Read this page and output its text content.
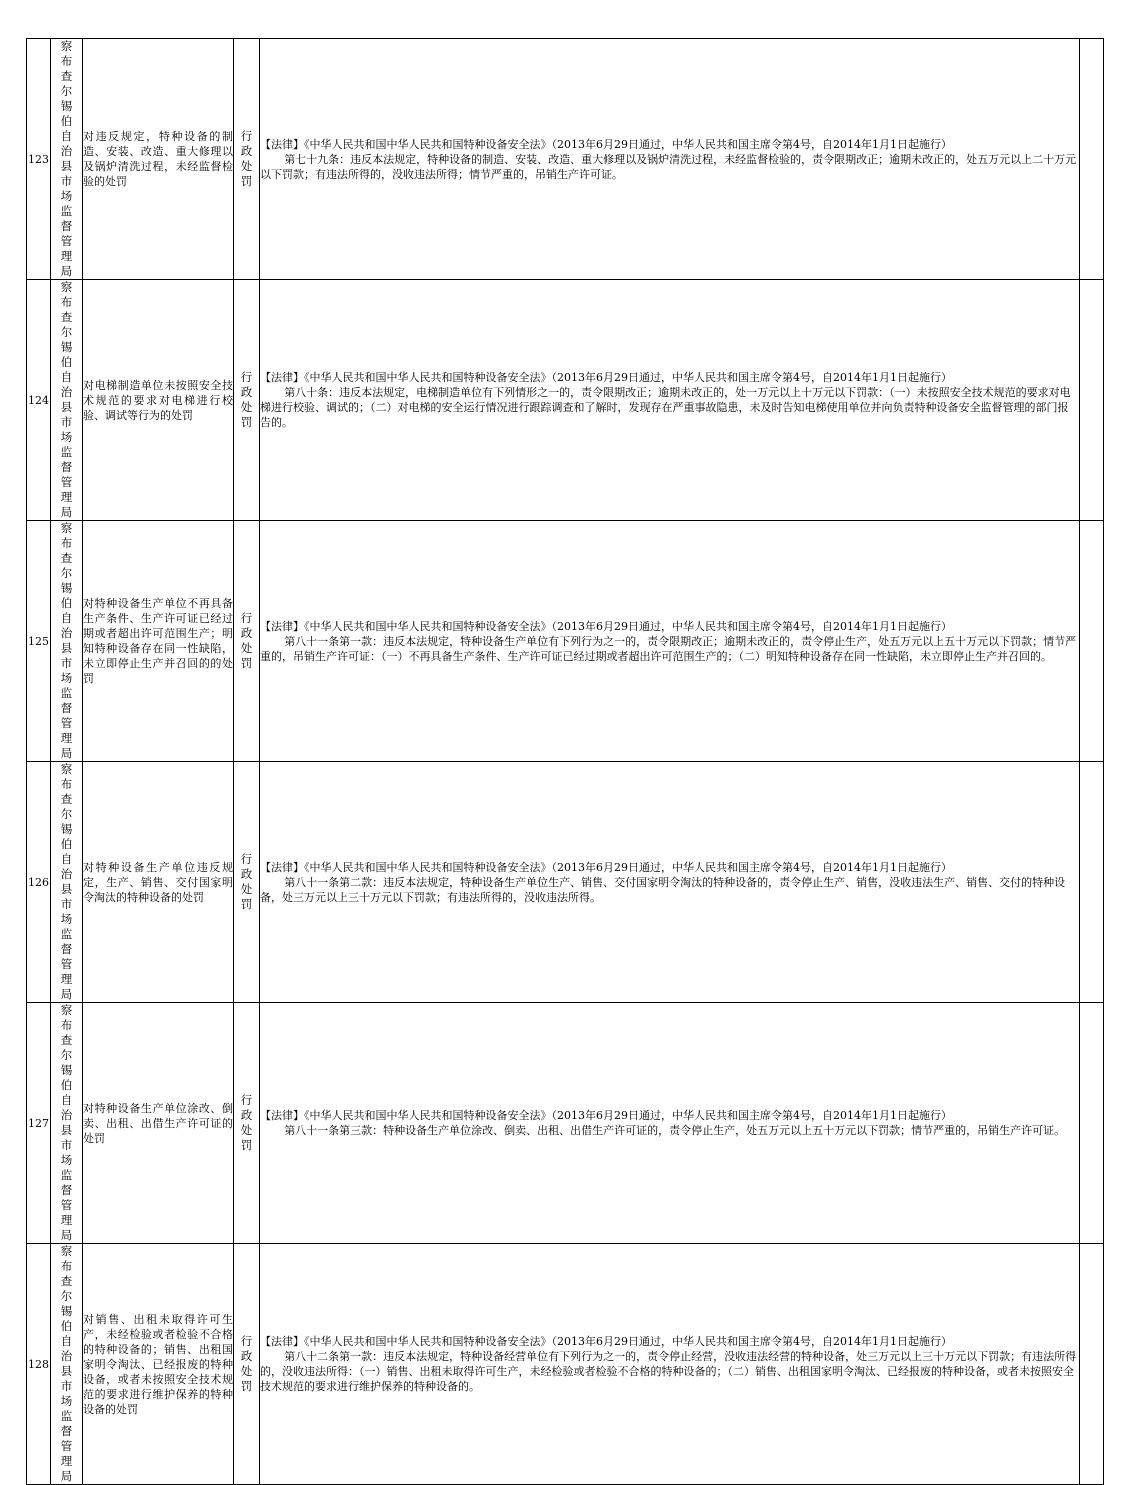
123	察布查尔锡伯自治县市场监督管理局	对违反规定，特种设备的制造、安装、改造、重大修理以及锅炉清洗过程，未经监督检验的处罚	行政处罚	【法律】《中华人民共和国中华人民共和国特种设备安全法》（2013年6月29日通过，中华人民共和国主席令第4号，自2014年1月1日起施行）
第七十九条：违反本法规定，特种设备的制造、安装、改造、重大修理以及锅炉清洗过程，未经监督检验的，责令限期改正；逾期未改正的，处五万元以上二十万元以下罚款；有违法所得的，没收违法所得；情节严重的，吊销生产许可证。	

124	察布查尔锡伯自治县市场监督管理局	对电梯制造单位未按照安全技术规范的要求对电梯进行校验、调试等行为的处罚	行政处罚	【法律】《中华人民共和国中华人民共和国特种设备安全法》（2013年6月29日通过，中华人民共和国主席令第4号，自2014年1月1日起施行）
第八十条：违反本法规定，电梯制造单位有下列情形之一的，责令限期改正；逾期未改正的，处一万元以上十万元以下罚款：（一）未按照安全技术规范的要求对电梯进行校验、调试的；（二）对电梯的安全运行情况进行跟踪调查和了解时，发现存在严重事故隐患，未及时告知电梯使用单位并向负责特种设备安全监督管理的部门报告的。	

125	察布查尔锡伯自治县市场监督管理局	对特种设备生产单位不再具备生产条件、生产许可证已经过期或者超出许可范围生产；明知特种设备存在同一性缺陷，未立即停止生产并召回的的处罚	行政处罚	【法律】《中华人民共和国中华人民共和国特种设备安全法》（2013年6月29日通过，中华人民共和国主席令第4号，自2014年1月1日起施行）
第八十一条第一款：违反本法规定，特种设备生产单位有下列行为之一的，责令限期改正；逾期未改正的，责令停止生产，处五万元以上五十万元以下罚款；情节严重的，吊销生产许可证：（一）不再具备生产条件、生产许可证已经过期或者超出许可范围生产的；（二）明知特种设备存在同一性缺陷，未立即停止生产并召回的。	

126	察布查尔锡伯自治县市场监督管理局	对特种设备生产单位违反规定，生产、销售、交付国家明令淘汰的特种设备的处罚	行政处罚	【法律】《中华人民共和国中华人民共和国特种设备安全法》（2013年6月29日通过，中华人民共和国主席令第4号，自2014年1月1日起施行）
第八十一条第二款：违反本法规定，特种设备生产单位生产、销售、交付国家明令淘汰的特种设备的，责令停止生产、销售，没收违法生产、销售、交付的特种设备，处三万元以上三十万元以下罚款；有违法所得的，没收违法所得。	

127	察布查尔锡伯自治县市场监督管理局	对特种设备生产单位涂改、倒卖、出租、出借生产许可证的处罚	行政处罚	【法律】《中华人民共和国中华人民共和国特种设备安全法》（2013年6月29日通过，中华人民共和国主席令第4号，自2014年1月1日起施行）
第八十一条第三款：特种设备生产单位涂改、倒卖、出租、出借生产许可证的，责令停止生产，处五万元以上五十万元以下罚款；情节严重的，吊销生产许可证。	

128	察布查尔锡伯自治县市场监督管理局	对销售、出租未取得许可生产，未经检验或者检验不合格的特种设备的；销售、出租国家明令淘汰、已经报废的特种设备，或者未按照安全技术规范的要求进行维护保养的特种设备的处罚	行政处罚	【法律】《中华人民共和国中华人民共和国特种设备安全法》（2013年6月29日通过，中华人民共和国主席令第4号，自2014年1月1日起施行）
第八十二条第一款：违反本法规定，特种设备经营单位有下列行为之一的，责令停止经营，没收违法经营的特种设备，处三万元以上三十万元以下罚款；有违法所得的，没收违法所得：（一）销售、出租未取得许可生产，未经检验或者检验不合格的特种设备的；（二）销售、出租国家明令淘汰、已经报废的特种设备，或者未按照安全技术规范的要求进行维护保养的特种设备的。	
